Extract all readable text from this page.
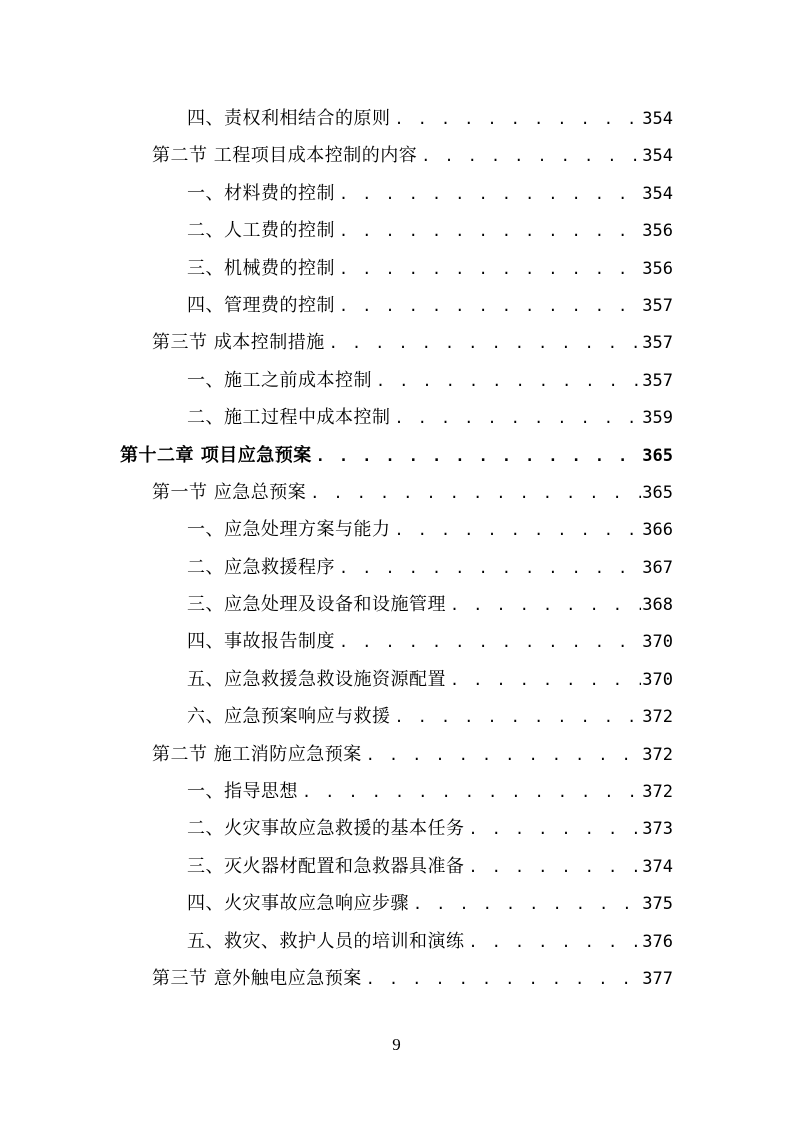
四、责权利相结合的原则 . . .	354
第二节 工程项目成本控制的内容 . . .	354
一、材料费的控制 . . .	354
二、人工费的控制 . . .	356
三、机械费的控制 . . .	356
四、管理费的控制 . . .	357
第三节 成本控制措施 . . .	357
一、施工之前成本控制 . . .	357
二、施工过程中成本控制 . . .	359
第十二章 项目应急预案 . . .	365
第一节 应急总预案 . . .	365
一、应急处理方案与能力 . . .	366
二、应急救援程序 . . .	367
三、应急处理及设备和设施管理 . . .	368
四、事故报告制度 . . .	370
五、应急救援急救设施资源配置 . . .	370
六、应急预案响应与救援 . . .	372
第二节 施工消防应急预案 . . .	372
一、指导思想 . . .	372
二、火灾事故应急救援的基本任务 . . .	373
三、灭火器材配置和急救器具准备 . . .	374
四、火灾事故应急响应步骤 . . .	375
五、救灾、救护人员的培训和演练 . . .	376
第三节 意外触电应急预案 . . .	377
9
